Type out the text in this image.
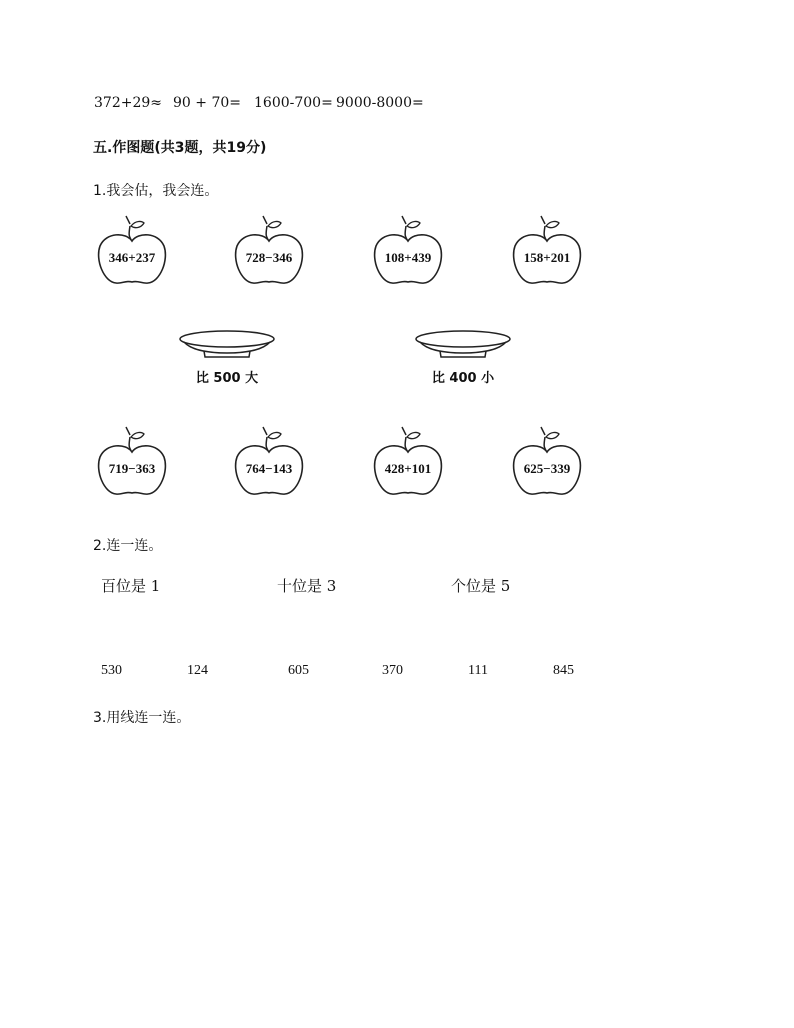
372+29≈ 90 + 70= 1600-700= 9000-8000=
五.作图题(共3题，共19分)
1.我会估，我会连。
346+237	728−346	108+439	158+201
比 500 大	比 400 小
719−363	764−143	428+101	625−339
2.连一连。
百位是 1	十位是 3	个位是 5
530	124	605	370	111	845
3.用线连一连。
